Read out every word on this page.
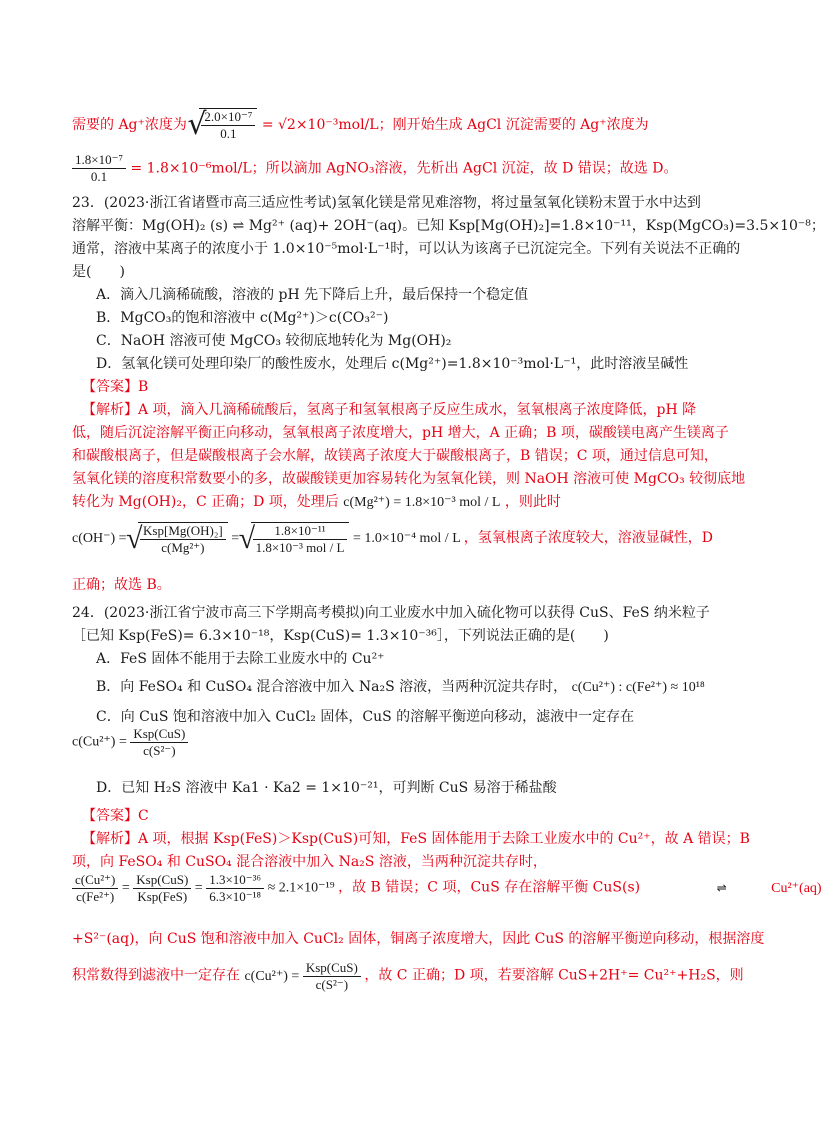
需要的 Ag⁺浓度为 √ $\frac{\text{2.0×10⁻⁷}}{0.1} = √2\times 10^{-3}mol/L$；刚开始生成 AgCl 沉淀需要的 Ag⁺浓度为
$\frac{\text{1.8×10⁻⁷}}{0.1} = 1.8\times 10^{-6}mol/L$；所以滴加 AgNO₃溶液，先析出 AgCl 沉淀，故 D 错误；故选 D。
23．(2023·浙江省诸暨市高三适应性考试)氢氧化镁是常见难溶物，将过量氢氧化镁粉末置于水中达到
溶解平衡：Mg(OH)₂ (s) ⇌ Mg²⁺ (aq)+ 2OH⁻(aq)。已知 Ksp[Mg(OH)₂]=1.8×10⁻¹¹，Ksp(MgCO₃)=3.5×10⁻⁸；
通常，溶液中某离子的浓度小于 1.0×10⁻⁵mol·L⁻¹时，可以认为该离子已沉淀完全。下列有关说法不正确的
是(　　)
A．滴入几滴稀硫酸，溶液的 pH 先下降后上升，最后保持一个稳定值
B．MgCO₃的饱和溶液中 c(Mg²⁺)＞c(CO₃²⁻)
C．NaOH 溶液可使 MgCO₃ 较彻底地转化为 Mg(OH)₂
D．氢氧化镁可处理印染厂的酸性废水，处理后 c(Mg²⁺)=1.8×10⁻³mol·L⁻¹，此时溶液呈碱性
【答案】B
【解析】A 项，滴入几滴稀硫酸后，氢离子和氢氧根离子反应生成水，氢氧根离子浓度降低，pH 降
低，随后沉淀溶解平衡正向移动，氢氧根离子浓度增大，pH 增大，A 正确；B 项，碳酸镁电离产生镁离子
和碳酸根离子，但是碳酸根离子会水解，故镁离子浓度大于碳酸根离子，B 错误；C 项，通过信息可知，
氢氧化镁的溶度积常数要小的多，故碳酸镁更加容易转化为氢氧化镁，则 NaOH 溶液可使 MgCO₃ 较彻底地
转化为 Mg(OH)₂，C 正确；D 项，处理后 c(Mg²⁺) = 1.8×10⁻³ mol / L ，则此时
c(OH⁻) = √ $\frac{\text{Ksp[Mg(OH)₂]}}{\text{c(Mg²⁺)}}$ = √ $\frac{\text{1.8×10⁻¹¹}}{\text{1.8×10⁻³ mol / L}} = 1.0\times 10^{-4}$ mol / L ，氢氧根离子浓度较大，溶液显碱性，D
正确；故选 B。
24．(2023·浙江省宁波市高三下学期高考模拟)向工业废水中加入硫化物可以获得 CuS、FeS 纳米粒子
［已知 Ksp(FeS)= 6.3×10⁻¹⁸，Ksp(CuS)= 1.3×10⁻³⁶］，下列说法正确的是(　　)
A．FeS 固体不能用于去除工业废水中的 Cu²⁺
B．向 FeSO₄ 和 CuSO₄ 混合溶液中加入 Na₂S 溶液，当两种沉淀共存时， c(Cu²⁺) : c(Fe²⁺) ≈ 10¹⁸
C．向 CuS 饱和溶液中加入 CuCl₂ 固体，CuS 的溶解平衡逆向移动，滤液中一定存在
$c(Cu^{2+}) = \frac{\text{Ksp(CuS)}}{\text{c(S²⁻)}}$
D．已知 H₂S 溶液中 Ka1 · Ka2 = 1×10⁻²¹，可判断 CuS 易溶于稀盐酸
【答案】C
【解析】A 项，根据 Ksp(FeS)＞Ksp(CuS)可知，FeS 固体能用于去除工业废水中的 Cu²⁺，故 A 错误；B
项，向 FeSO₄ 和 CuSO₄ 混合溶液中加入 Na₂S 溶液，当两种沉淀共存时，
$\frac{\text{c(Cu²⁺)}}{\text{c(Fe²⁺)}} = \frac{\text{Ksp(CuS)}}{\text{Ksp(FeS)}} = \frac{\text{1.3×10⁻³⁶}}{\text{6.3×10⁻¹⁸}} \approx 2.1\times 10^{-19}$ ，故 B 错误；C 项，CuS 存在溶解平衡 CuS(s)	⇌	Cu²⁺(aq)
+S²⁻(aq)，向 CuS 饱和溶液中加入 CuCl₂ 固体，铜离子浓度增大，因此 CuS 的溶解平衡逆向移动，根据溶度
积常数得到滤液中一定存在 $c(Cu^{2+}) = \frac{\text{Ksp(CuS)}}{\text{c(S²⁻)}}$ ，故 C 正确；D 项，若要溶解 CuS+2H⁺= Cu²⁺+H₂S，则
